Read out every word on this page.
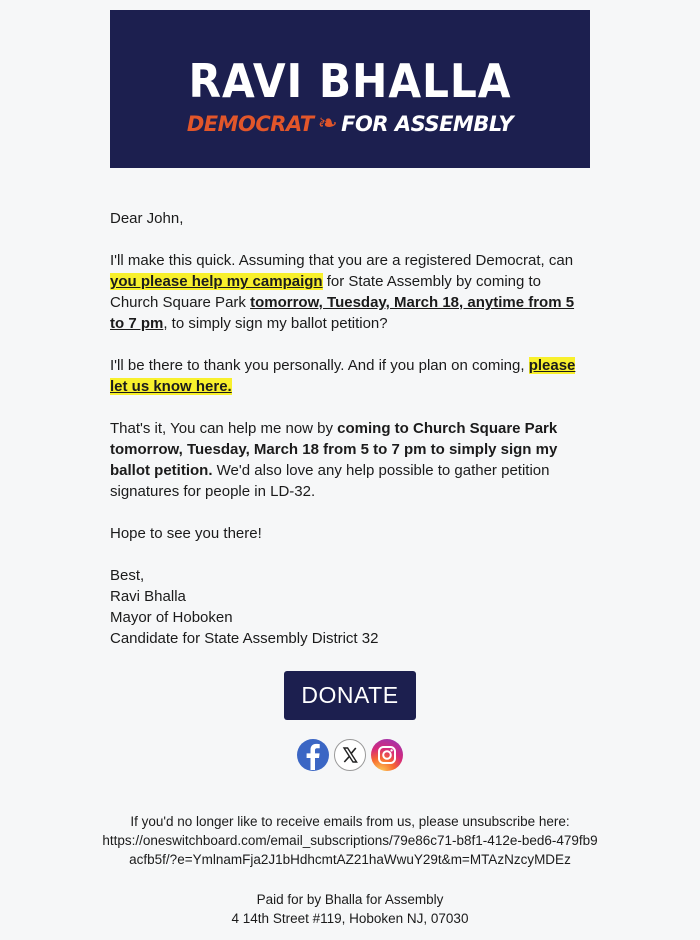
RAVI BHALLA
DEMOCRAT ❧ FOR ASSEMBLY

Dear John,

I'll make this quick. Assuming that you are a registered Democrat, can you please help my campaign for State Assembly by coming to Church Square Park tomorrow, Tuesday, March 18, anytime from 5 to 7 pm, to simply sign my ballot petition?

I'll be there to thank you personally. And if you plan on coming, please let us know here.

That's it, You can help me now by coming to Church Square Park tomorrow, Tuesday, March 18 from 5 to 7 pm to simply sign my ballot petition. We'd also love any help possible to gather petition signatures for people in LD-32.

Hope to see you there!

Best,
Ravi Bhalla
Mayor of Hoboken
Candidate for State Assembly District 32

DONATE
If you'd no longer like to receive emails from us, please unsubscribe here:
https://oneswitchboard.com/email_subscriptions/79e86c71-b8f1-412e-bed6-479fb9acfb5f/?e=YmlnamFja2J1bHdhcmtAZ21haWwuY29t&m=MTAzNzcyMDEz
Paid for by Bhalla for Assembly
4 14th Street #119, Hoboken NJ, 07030
